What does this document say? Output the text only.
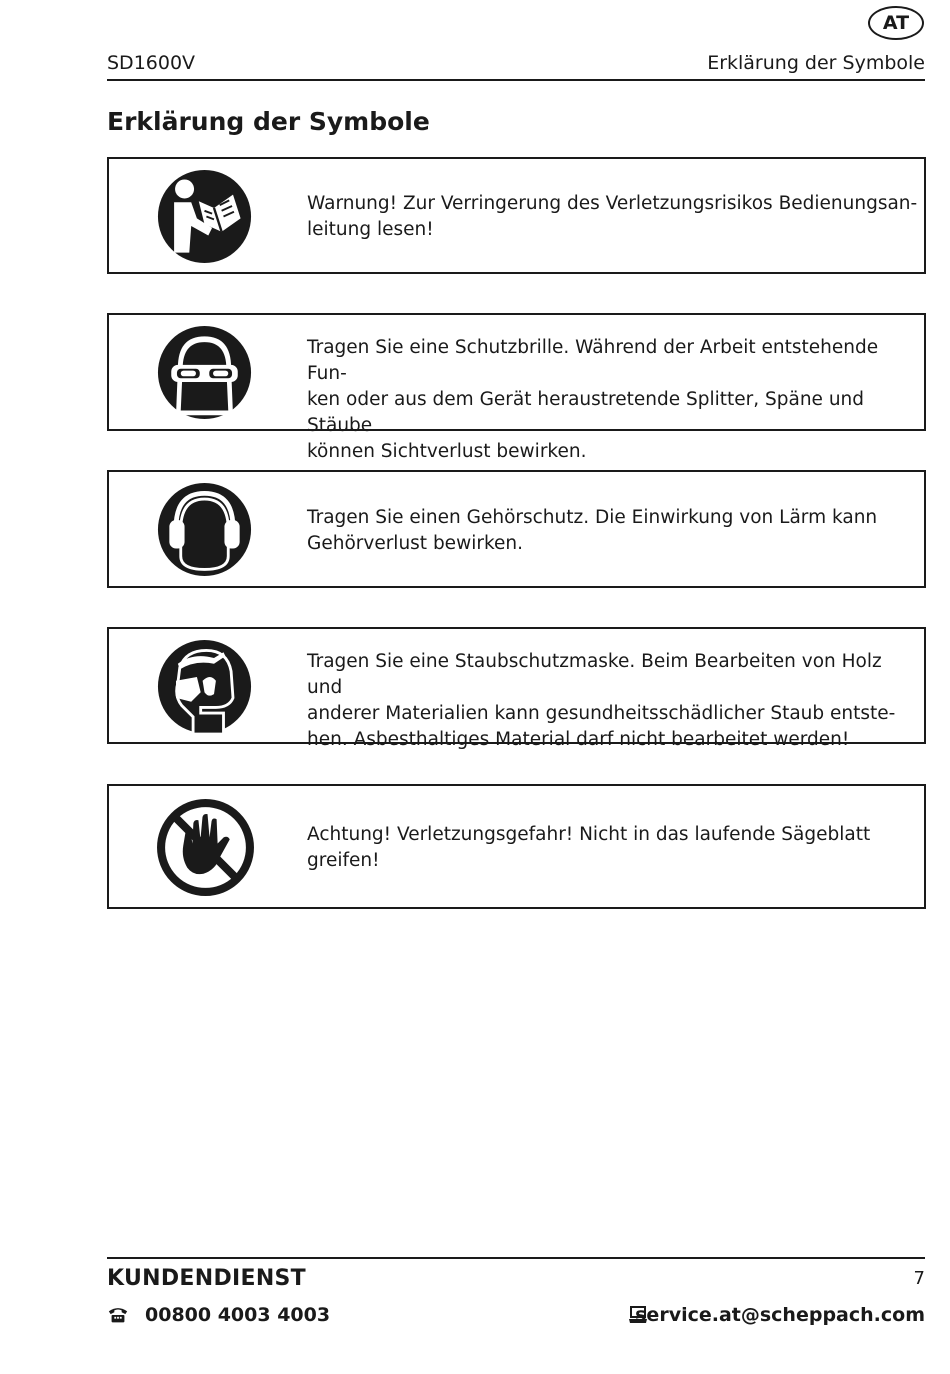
AT
SD1600V	Erklärung der Symbole
Erklärung der Symbole
Warnung! Zur Verringerung des Verletzungsrisikos Bedienungsan-
leitung lesen!
Tragen Sie eine Schutzbrille. Während der Arbeit entstehende Fun-
ken oder aus dem Gerät heraustretende Splitter, Späne und Stäube
können Sichtverlust bewirken.
Tragen Sie einen Gehörschutz. Die Einwirkung von Lärm kann
Gehörverlust bewirken.
Tragen Sie eine Staubschutzmaske. Beim Bearbeiten von Holz und
anderer Materialien kann gesundheitsschädlicher Staub entste-
hen. Asbesthaltiges Material darf nicht bearbeitet werden!
Achtung! Verletzungsgefahr! Nicht in das laufende Sägeblatt
greifen!
KUNDENDIENST	7
00800 4003 4003	service.at@scheppach.com
